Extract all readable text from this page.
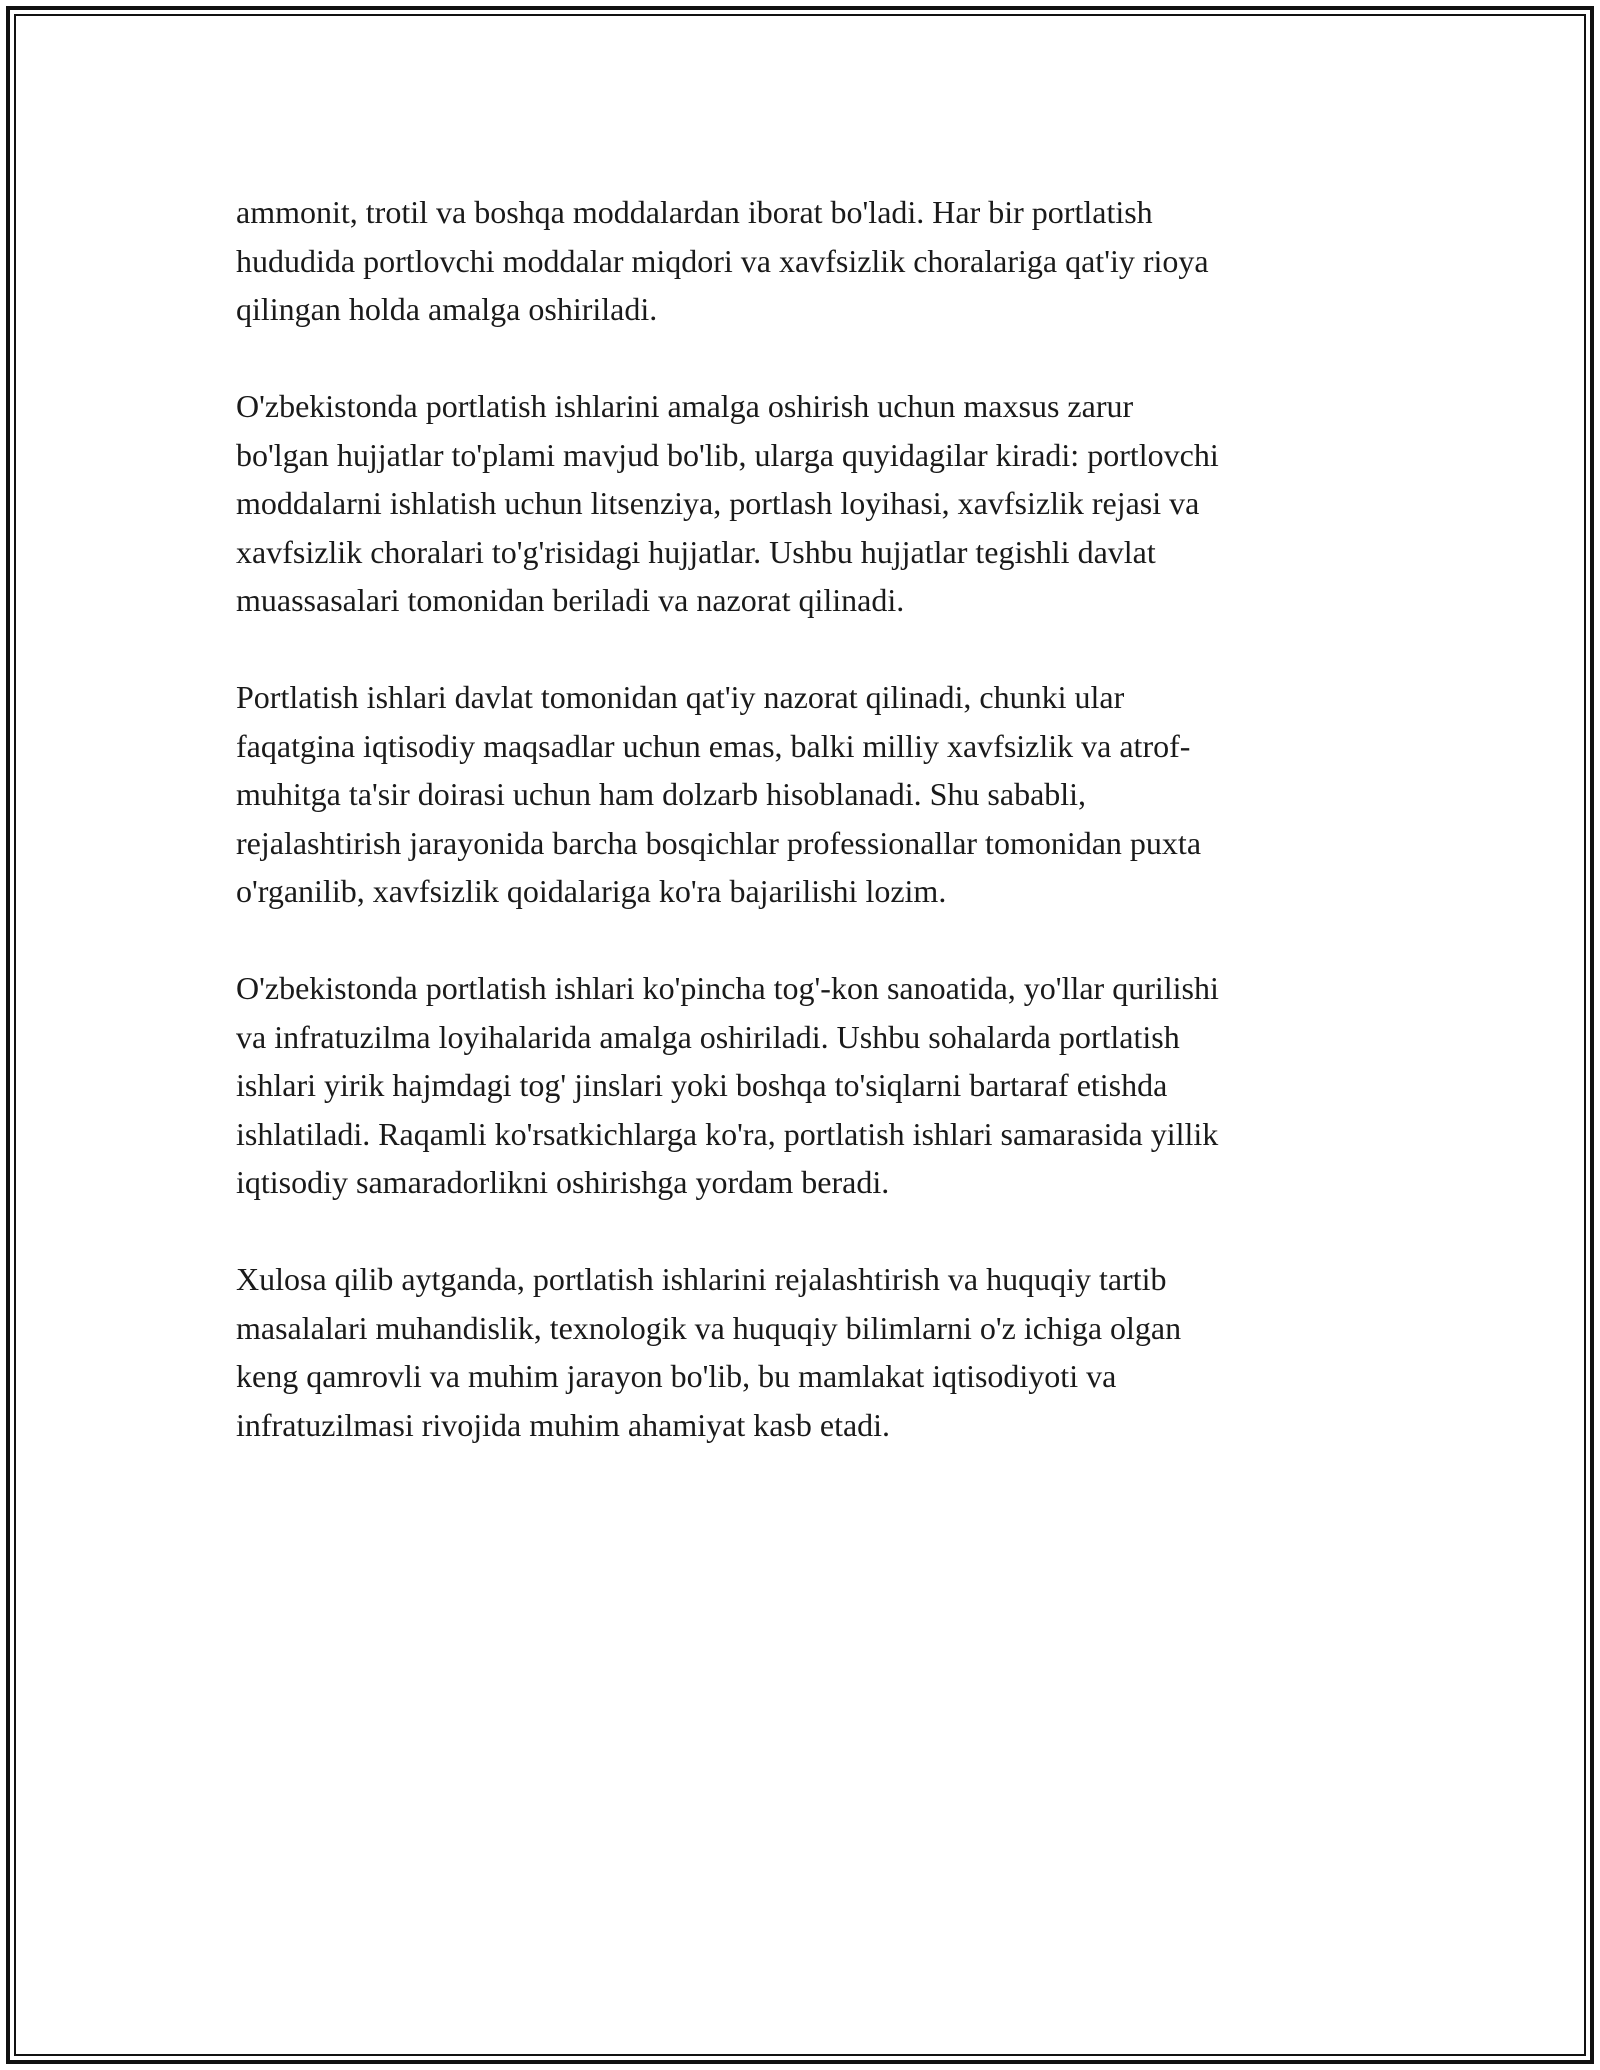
ammonit, trotil va boshqa moddalardan iborat bo'ladi. Har bir portlatish
hududida portlovchi moddalar miqdori va xavfsizlik choralariga qat'iy rioya
qilingan holda amalga oshiriladi.

O'zbekistonda portlatish ishlarini amalga oshirish uchun maxsus zarur
bo'lgan hujjatlar to'plami mavjud bo'lib, ularga quyidagilar kiradi: portlovchi
moddalarni ishlatish uchun litsenziya, portlash loyihasi, xavfsizlik rejasi va
xavfsizlik choralari to'g'risidagi hujjatlar. Ushbu hujjatlar tegishli davlat
muassasalari tomonidan beriladi va nazorat qilinadi.

Portlatish ishlari davlat tomonidan qat'iy nazorat qilinadi, chunki ular
faqatgina iqtisodiy maqsadlar uchun emas, balki milliy xavfsizlik va atrof-
muhitga ta'sir doirasi uchun ham dolzarb hisoblanadi. Shu sababli,
rejalashtirish jarayonida barcha bosqichlar professionallar tomonidan puxta
o'rganilib, xavfsizlik qoidalariga ko'ra bajarilishi lozim.

O'zbekistonda portlatish ishlari ko'pincha tog'-kon sanoatida, yo'llar qurilishi
va infratuzilma loyihalarida amalga oshiriladi. Ushbu sohalarda portlatish
ishlari yirik hajmdagi tog' jinslari yoki boshqa to'siqlarni bartaraf etishda
ishlatiladi. Raqamli ko'rsatkichlarga ko'ra, portlatish ishlari samarasida yillik
iqtisodiy samaradorlikni oshirishga yordam beradi.

Xulosa qilib aytganda, portlatish ishlarini rejalashtirish va huquqiy tartib
masalalari muhandislik, texnologik va huquqiy bilimlarni o'z ichiga olgan
keng qamrovli va muhim jarayon bo'lib, bu mamlakat iqtisodiyoti va
infratuzilmasi rivojida muhim ahamiyat kasb etadi.
